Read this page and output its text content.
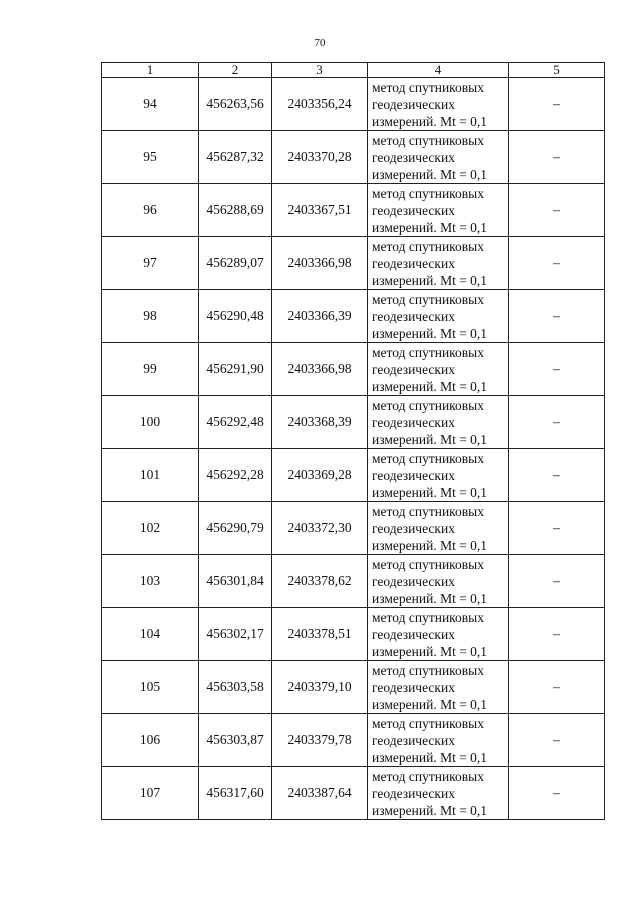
70
1	2	3	4	5
94	456263,56	2403356,24	метод спутниковых
геодезических
измерений. Mt = 0,1	–
95	456287,32	2403370,28	метод спутниковых
геодезических
измерений. Mt = 0,1	–
96	456288,69	2403367,51	метод спутниковых
геодезических
измерений. Mt = 0,1	–
97	456289,07	2403366,98	метод спутниковых
геодезических
измерений. Mt = 0,1	–
98	456290,48	2403366,39	метод спутниковых
геодезических
измерений. Mt = 0,1	–
99	456291,90	2403366,98	метод спутниковых
геодезических
измерений. Mt = 0,1	–
100	456292,48	2403368,39	метод спутниковых
геодезических
измерений. Mt = 0,1	–
101	456292,28	2403369,28	метод спутниковых
геодезических
измерений. Mt = 0,1	–
102	456290,79	2403372,30	метод спутниковых
геодезических
измерений. Mt = 0,1	–
103	456301,84	2403378,62	метод спутниковых
геодезических
измерений. Mt = 0,1	–
104	456302,17	2403378,51	метод спутниковых
геодезических
измерений. Mt = 0,1	–
105	456303,58	2403379,10	метод спутниковых
геодезических
измерений. Mt = 0,1	–
106	456303,87	2403379,78	метод спутниковых
геодезических
измерений. Mt = 0,1	–
107	456317,60	2403387,64	метод спутниковых
геодезических
измерений. Mt = 0,1	–
